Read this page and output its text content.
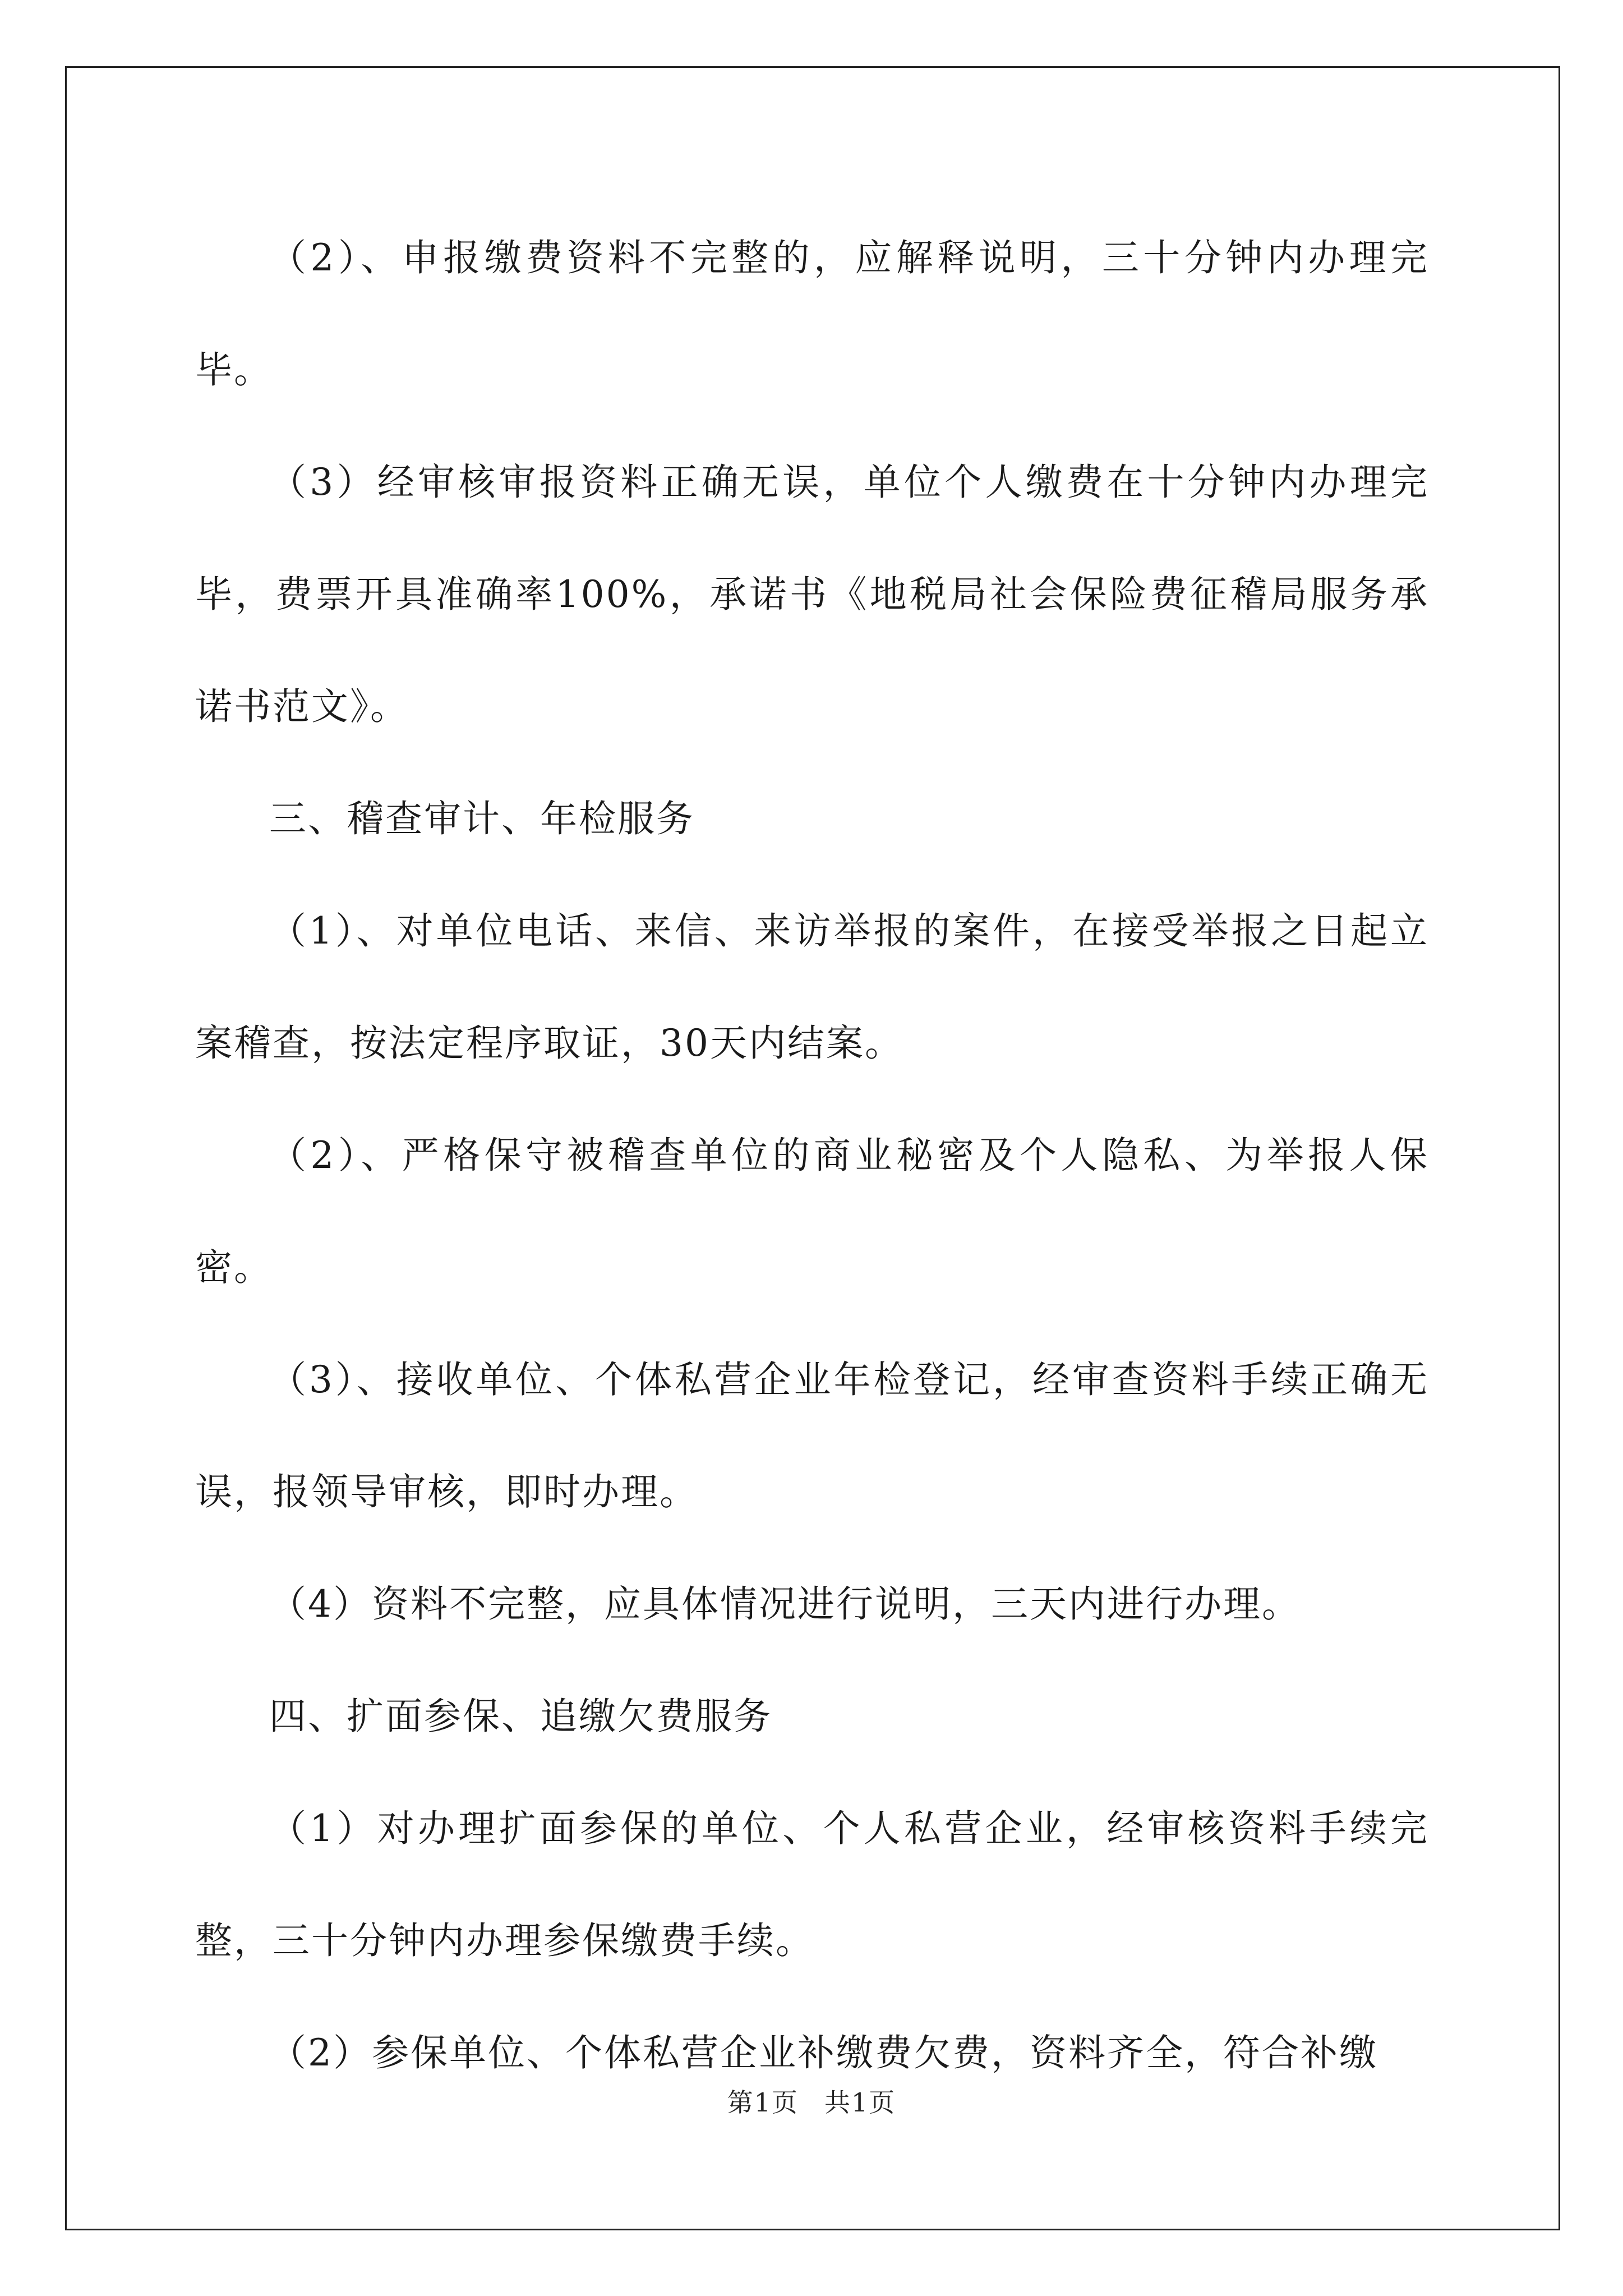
（2）、申报缴费资料不完整的，应解释说明，三十分钟内办理完毕。

（3）经审核审报资料正确无误，单位个人缴费在十分钟内办理完毕，费票开具准确率100%，承诺书《地税局社会保险费征稽局服务承诺书范文》。

三、稽查审计、年检服务

（1）、对单位电话、来信、来访举报的案件，在接受举报之日起立案稽查，按法定程序取证，30天内结案。

（2）、严格保守被稽查单位的商业秘密及个人隐私、为举报人保密。

（3）、接收单位、个体私营企业年检登记，经审查资料手续正确无误，报领导审核，即时办理。

（4）资料不完整，应具体情况进行说明，三天内进行办理。

四、扩面参保、追缴欠费服务

（1）对办理扩面参保的单位、个人私营企业，经审核资料手续完整，三十分钟内办理参保缴费手续。

（2）参保单位、个体私营企业补缴费欠费，资料齐全，符合补缴

第1页 共1页
